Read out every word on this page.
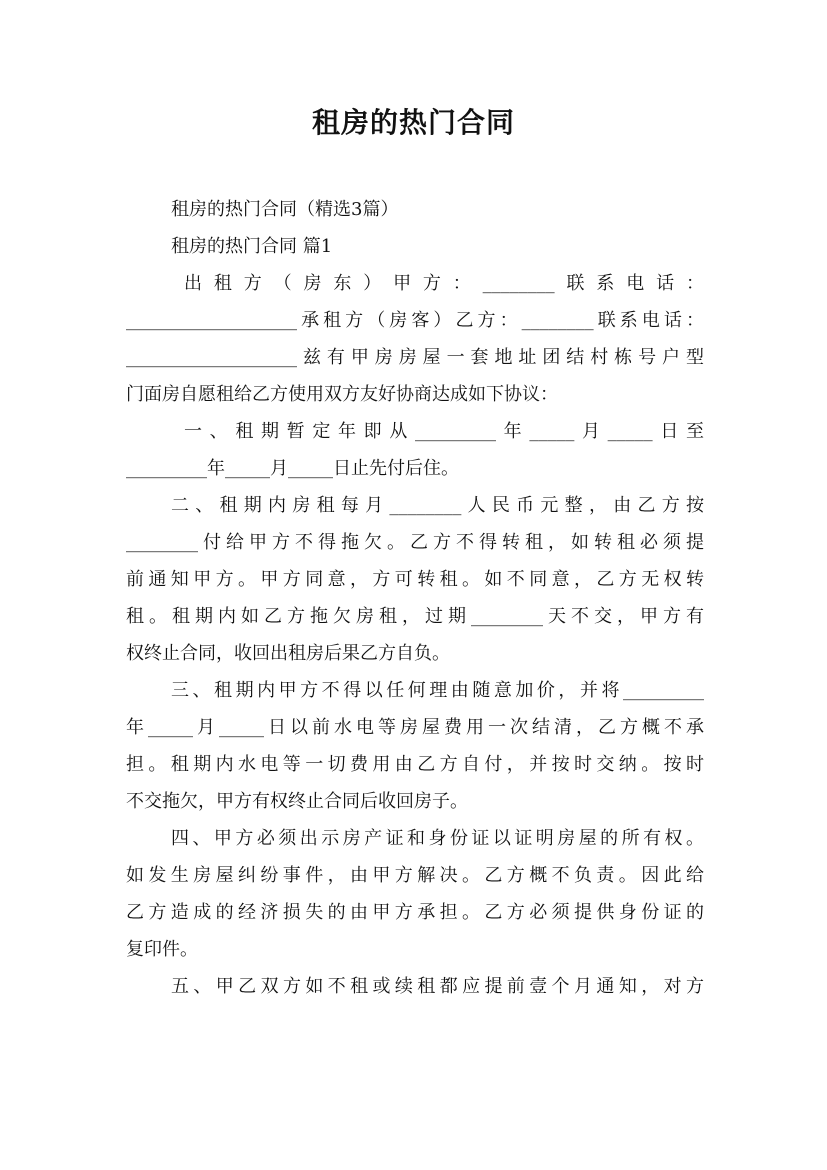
租房的热门合同
租房的热门合同（精选3篇）
租房的热门合同 篇1
出租方（房东）甲方：________联系电话：
___________________承租方（房客）乙方：________联系电话：
___________________兹有甲房房屋一套地址团结村栋号户型
门面房自愿租给乙方使用双方友好协商达成如下协议：
一、租期暂定年即从_________年_____月_____日至
_________年_____月_____日止先付后住。
二、租期内房租每月________人民币元整，由乙方按
________付给甲方不得拖欠。乙方不得转租，如转租必须提
前通知甲方。甲方同意，方可转租。如不同意，乙方无权转
租。租期内如乙方拖欠房租，过期________天不交，甲方有
权终止合同，收回出租房后果乙方自负。
三、租期内甲方不得以任何理由随意加价，并将_________
年_____月_____日以前水电等房屋费用一次结清，乙方概不承
担。租期内水电等一切费用由乙方自付，并按时交纳。按时
不交拖欠，甲方有权终止合同后收回房子。
四、甲方必须出示房产证和身份证以证明房屋的所有权。
如发生房屋纠纷事件，由甲方解决。乙方概不负责。因此给
乙方造成的经济损失的由甲方承担。乙方必须提供身份证的
复印件。
五、甲乙双方如不租或续租都应提前壹个月通知，对方
